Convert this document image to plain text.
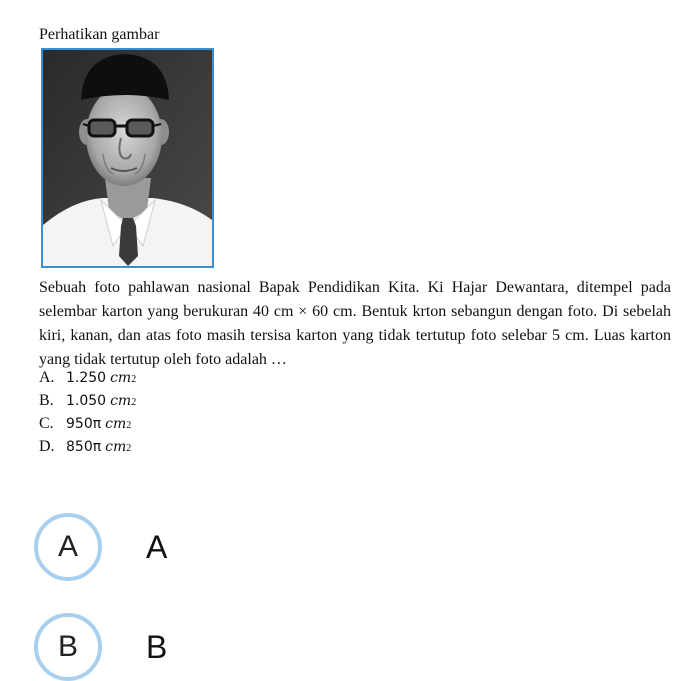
Perhatikan gambar
Sebuah foto pahlawan nasional Bapak Pendidikan Kita. Ki Hajar Dewantara, ditempel pada selembar karton yang berukuran 40 cm × 60 cm. Bentuk krton sebangun dengan foto. Di sebelah kiri, kanan, dan atas foto masih tersisa karton yang tidak tertutup foto selebar 5 cm. Luas karton yang tidak tertutup oleh foto adalah …
A. 1.250
cm 2
B. 1.050
cm 2
C. 950π
cm 2
D. 850π
cm 2
A	A
B	B
